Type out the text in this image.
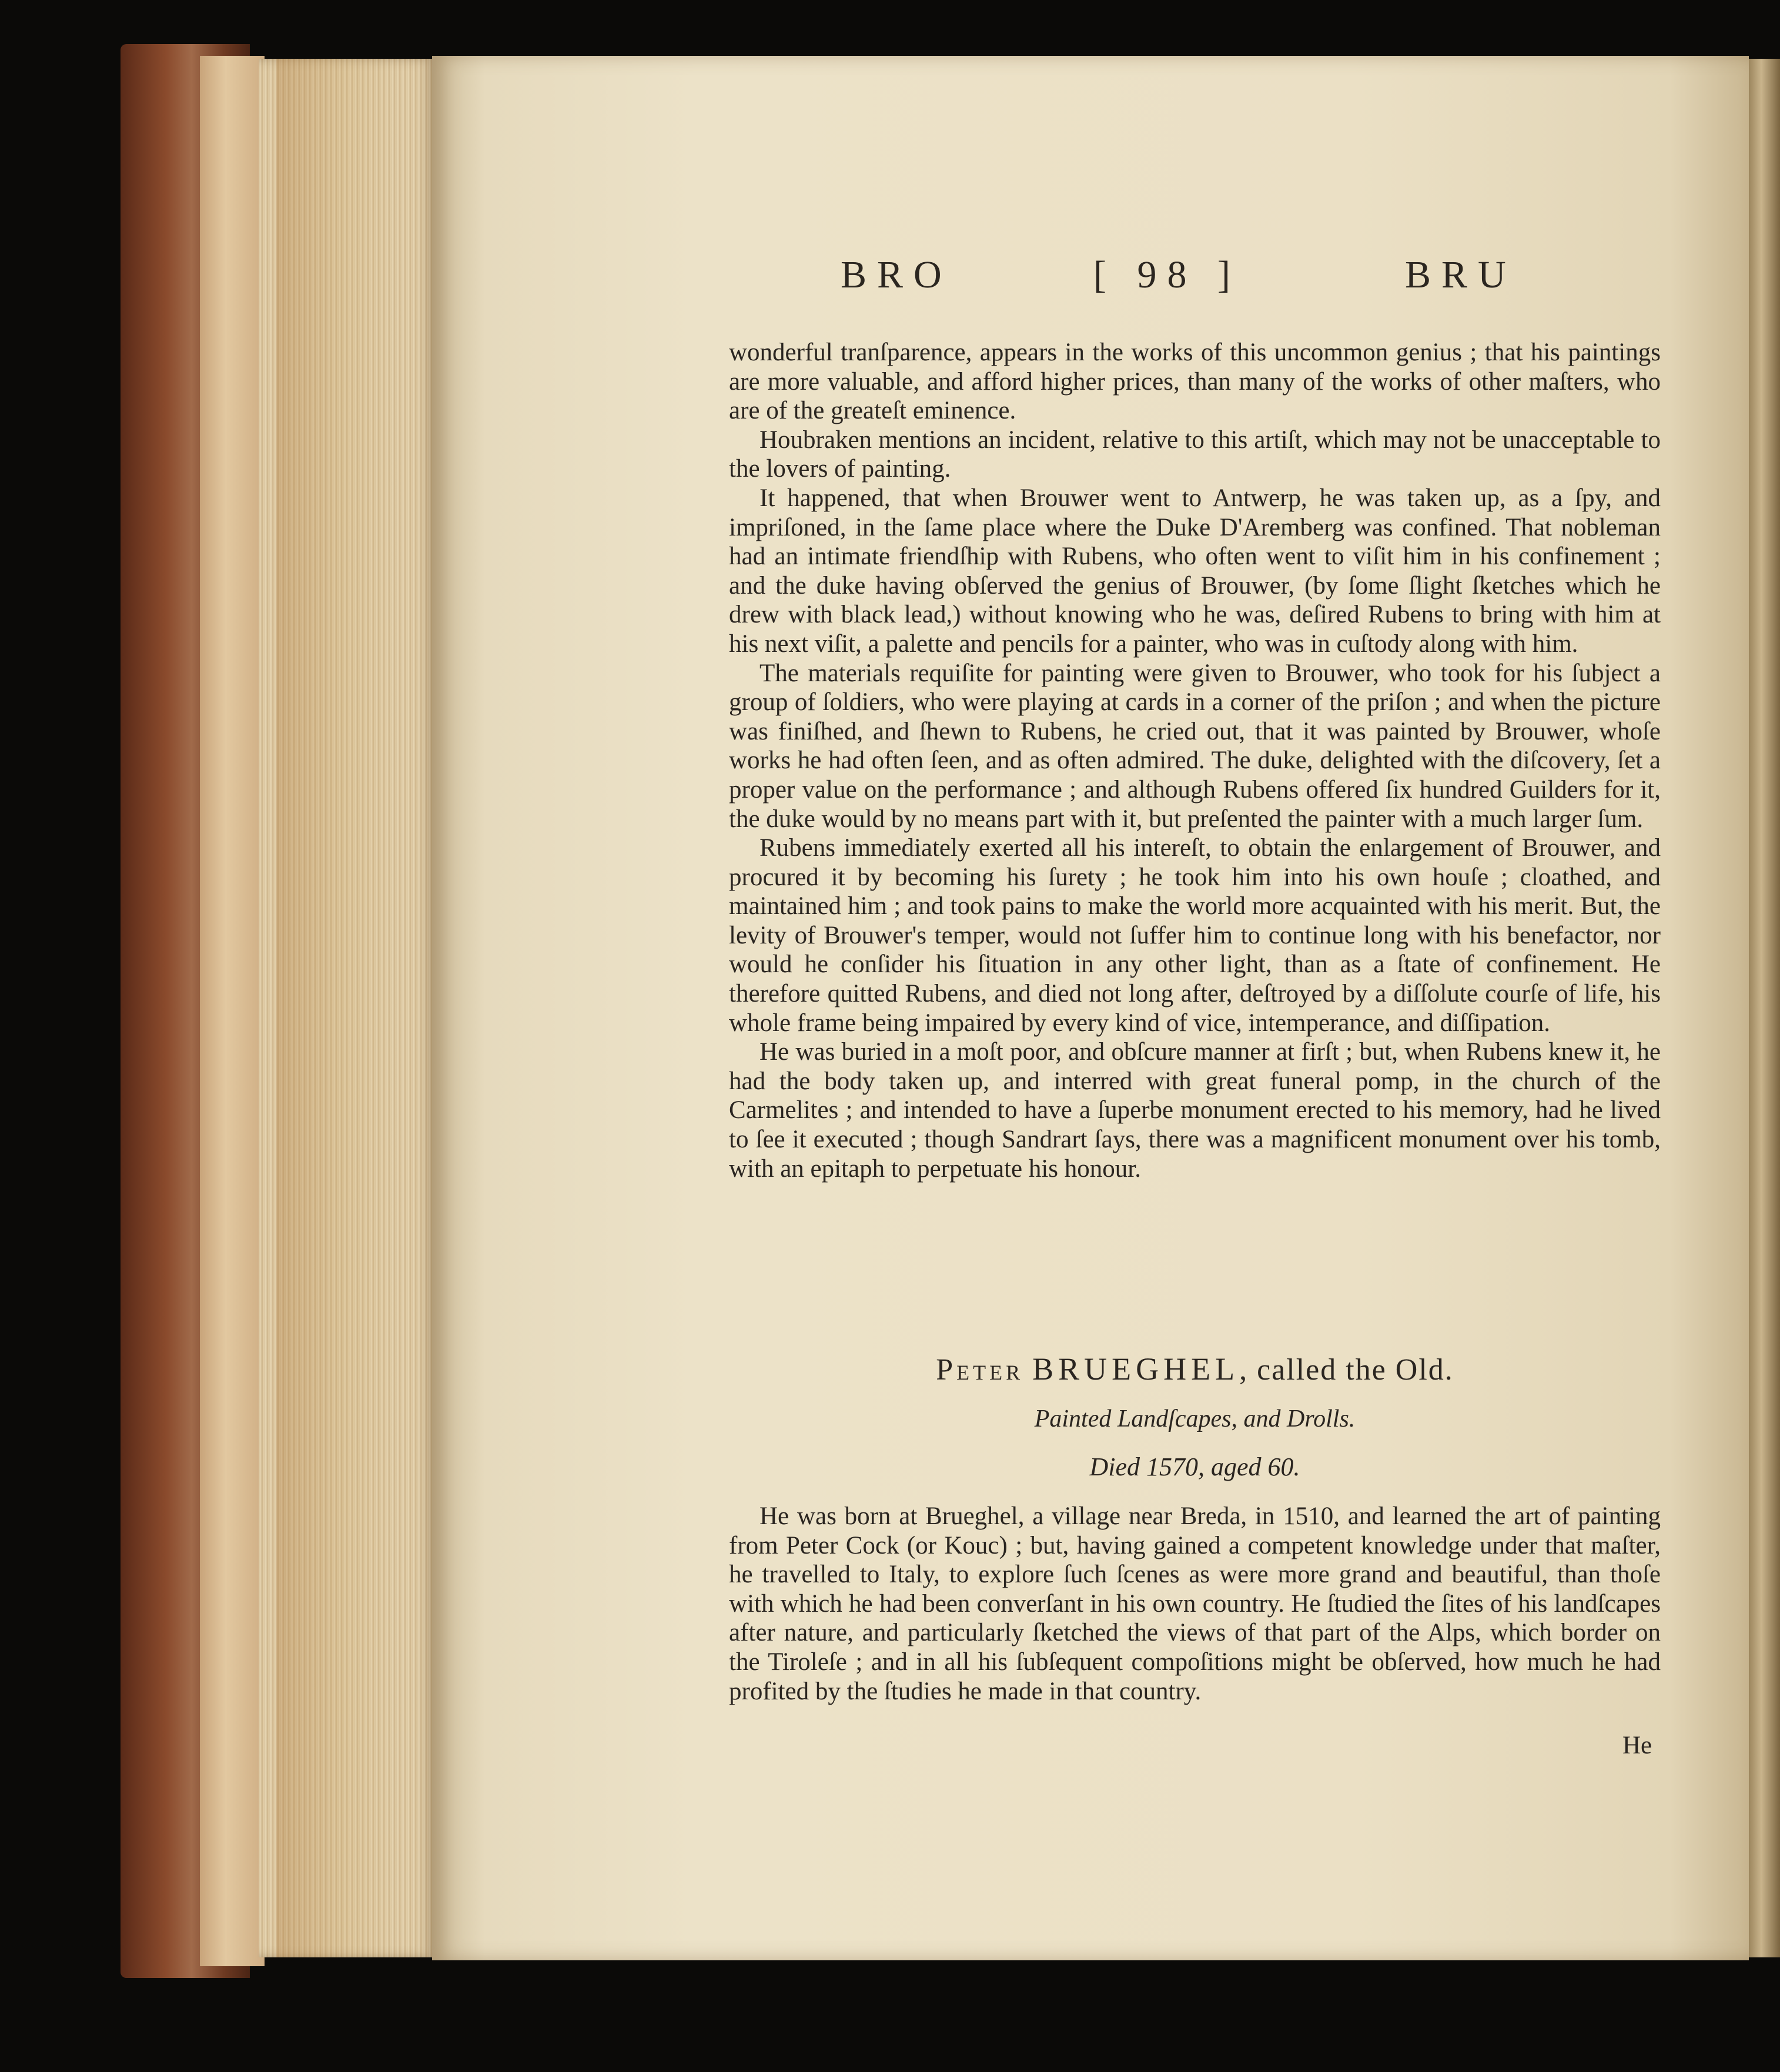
BRO	[ 98 ]	BRU

wonderful tranſparence, appears in the works of this uncommon genius ; that his paintings are more valuable, and afford higher prices, than many of the works of other maſters, who are of the greateſt eminence.

Houbraken mentions an incident, relative to this artiſt, which may not be unacceptable to the lovers of painting.

It happened, that when Brouwer went to Antwerp, he was taken up, as a ſpy, and impriſoned, in the ſame place where the Duke D'Aremberg was confined. That nobleman had an intimate friendſhip with Rubens, who often went to viſit him in his confinement ; and the duke having obſerved the genius of Brouwer, (by ſome ſlight ſketches which he drew with black lead,) without knowing who he was, deſired Rubens to bring with him at his next viſit, a palette and pencils for a painter, who was in cuſtody along with him.

The materials requiſite for painting were given to Brouwer, who took for his ſubject a group of ſoldiers, who were playing at cards in a corner of the priſon ; and when the picture was finiſhed, and ſhewn to Rubens, he cried out, that it was painted by Brouwer, whoſe works he had often ſeen, and as often admired. The duke, delighted with the diſcovery, ſet a proper value on the performance ; and although Rubens offered ſix hundred Guilders for it, the duke would by no means part with it, but preſented the painter with a much larger ſum.

Rubens immediately exerted all his intereſt, to obtain the enlargement of Brouwer, and procured it by becoming his ſurety ; he took him into his own houſe ; cloathed, and maintained him ; and took pains to make the world more acquainted with his merit. But, the levity of Brouwer's temper, would not ſuffer him to continue long with his benefactor, nor would he conſider his ſituation in any other light, than as a ſtate of confinement. He therefore quitted Rubens, and died not long after, deſtroyed by a diſſolute courſe of life, his whole frame being impaired by every kind of vice, intemperance, and diſſipation.

He was buried in a moſt poor, and obſcure manner at firſt ; but, when Rubens knew it, he had the body taken up, and interred with great funeral pomp, in the church of the Carmelites ; and intended to have a ſuperbe monument erected to his memory, had he lived to ſee it executed ; though Sandrart ſays, there was a magnificent monument over his tomb, with an epitaph to perpetuate his honour.

Peter BRUEGHEL, called the Old.
Painted Landſcapes, and Drolls.
Died 1570, aged 60.

He was born at Brueghel, a village near Breda, in 1510, and learned the art of painting from Peter Cock (or Kouc) ; but, having gained a competent knowledge under that maſter, he travelled to Italy, to explore ſuch ſcenes as were more grand and beautiful, than thoſe with which he had been converſant in his own country. He ſtudied the ſites of his landſcapes after nature, and particularly ſketched the views of that part of the Alps, which border on the Tiroleſe ; and in all his ſubſequent compoſitions might be obſerved, how much he had profited by the ſtudies he made in that country.

He
